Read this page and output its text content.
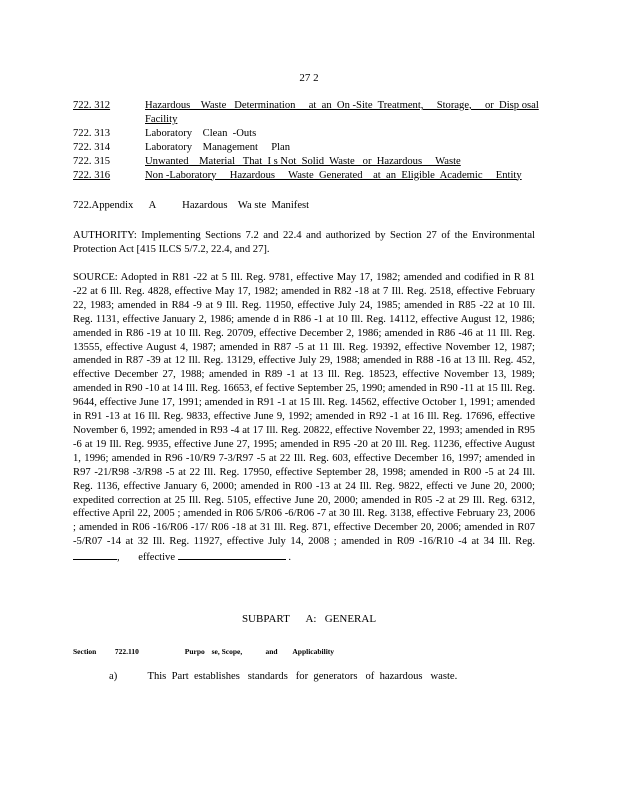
27 2
722. 312	Hazardous    Waste   Determination     at  an  On -Site  Treatment,     Storage,     or  Disp osal
Facility
722. 313	Laboratory    Clean  -Outs
722. 314	Laboratory    Management     Plan
722. 315	Unwanted    Material   That  I s Not  Solid  Waste   or  Hazardous     Waste
722. 316	Non -Laboratory     Hazardous     Waste  Generated    at  an  Eligible  Academic     Entity
722.Appendix      A          Hazardous    Wa ste  Manifest
AUTHORITY: Implementing Sections 7.2 and 22.4 and authorized by Section 27 of the Environmental Protection Act [415 ILCS 5/7.2, 22.4, and 27].
SOURCE: Adopted in R81 -22 at 5 Ill. Reg. 9781, effective May 17, 1982; amended and codified in R 81 -22 at 6 Ill. Reg. 4828, effective May 17, 1982; amended in R82 -18 at 7 Ill. Reg. 2518, effective February 22, 1983; amended in R84 -9 at 9 Ill. Reg. 11950, effective July 24, 1985; amended in R85 -22 at 10 Ill. Reg. 1131, effective January 2, 1986; amende d in R86 -1 at 10 Ill. Reg. 14112, effective August 12, 1986; amended in R86 -19 at 10 Ill. Reg. 20709, effective December 2, 1986; amended in R86 -46 at 11 Ill. Reg. 13555, effective August 4, 1987; amended in R87 -5 at 11 Ill. Reg. 19392, effective November 12, 1987; amended in R87 -39 at 12 Ill. Reg. 13129, effective July 29, 1988; amended in R88 -16 at 13 Ill. Reg. 452, effective December 27, 1988; amended in R89 -1 at 13 Ill. Reg. 18523, effective November 13, 1989; amended in R90 -10 at 14 Ill. Reg. 16653, ef fective September 25, 1990; amended in R90 -11 at 15 Ill. Reg. 9644, effective June 17, 1991; amended in R91 -1 at 15 Ill. Reg. 14562, effective October 1, 1991; amended in R91 -13 at 16 Ill. Reg. 9833, effective June 9, 1992; amended in R92 -1 at 16 Ill. Reg. 17696, effective November 6, 1992; amended in R93 -4 at 17 Ill. Reg. 20822, effective November 22, 1993; amended in R95 -6 at 19 Ill. Reg. 9935, effective June 27, 1995; amended in R95 -20 at 20 Ill. Reg. 11236, effective August 1, 1996; amended in R96 -10/R9 7-3/R97 -5 at 22 Ill. Reg. 603, effective December 16, 1997; amended in R97 -21/R98 -3/R98 -5 at 22 Ill. Reg. 17950, effective September 28, 1998; amended in R00 -5 at 24 Ill. Reg. 1136, effective January 6, 2000; amended in R00 -13 at 24 Ill. Reg. 9822, effecti ve June 20, 2000; expedited correction at 25 Ill. Reg. 5105, effective June 20, 2000; amended in R05 -2 at 29 Ill. Reg. 6312, effective April 22, 2005 ; amended in R06 5/R06 -6/R06 -7 at 30 Ill. Reg. 3138, effective February 23, 2006 ; amended in R06 -16/R06 -17/ R06 -18 at 31 Ill. Reg. 871, effective December 20, 2006; amended in R07 -5/R07 -14 at 32 Ill. Reg. 11927, effective July 14, 2008 ; amended in R09 -16/R10 -4 at 34 Ill. Reg. ,       effective	.
SUBPART      A:   GENERAL
Section 722.110	Purpo se, Scope,	and Applicability
a)	This  Part  establishes   standards   for  generators   of  hazardous   waste.
